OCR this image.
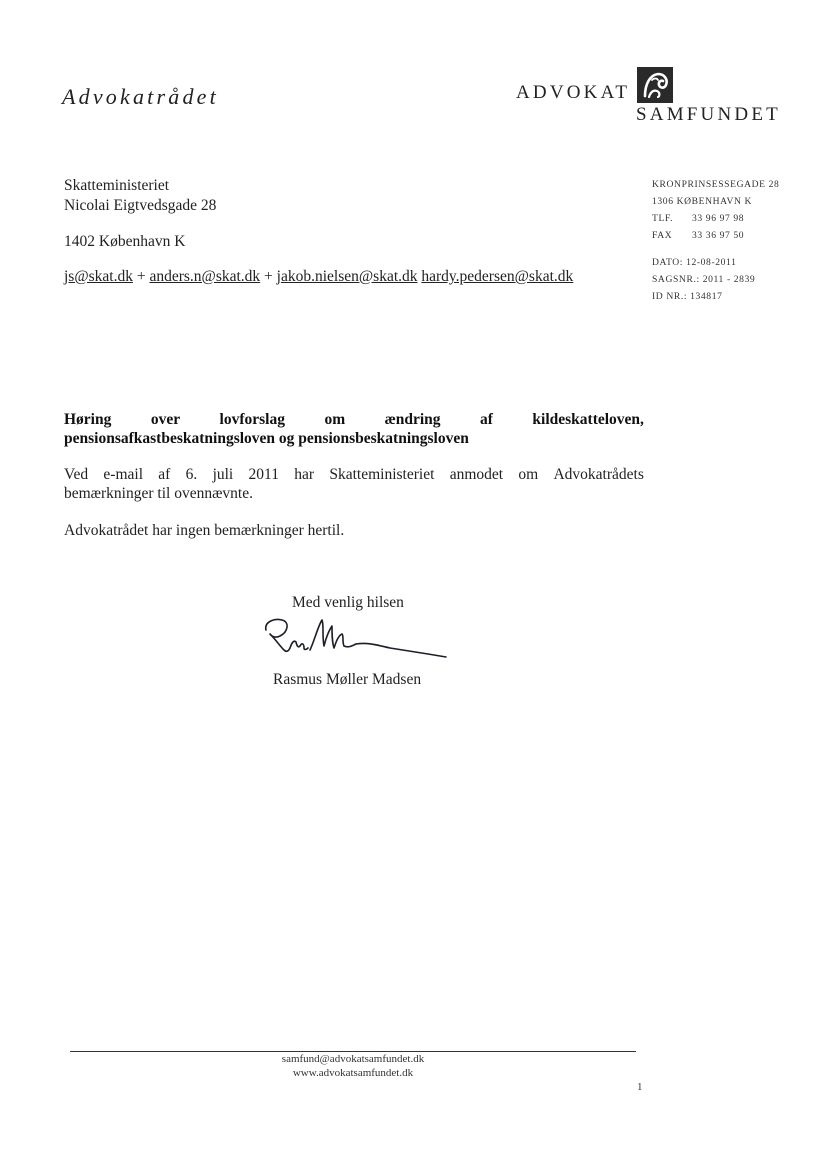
Advokatrådet	ADVOKAT
SAMFUNDET
Skatteministeriet
Nicolai Eigtvedsgade 28
1402 København K
js@skat.dk + anders.n@skat.dk + jakob.nielsen@skat.dk hardy.pedersen@skat.dk
KRONPRINSESSEGADE 28
1306 KØBENHAVN K
TLF. 33 96 97 98
FAX 33 36 97 50
DATO: 12-08-2011
SAGSNR.: 2011 - 2839
ID NR.: 134817
Høring	over	lovforslag	om	ændring	af	kildeskatteloven,
pensionsafkastbeskatningsloven og pensionsbeskatningsloven
Ved e-mail af 6. juli 2011 har Skatteministeriet anmodet om Advokatrådets
bemærkninger til ovennævnte.
Advokatrådet har ingen bemærkninger hertil.
Med venlig hilsen
Rasmus Møller Madsen
samfund@advokatsamfundet.dk
www.advokatsamfundet.dk
1
